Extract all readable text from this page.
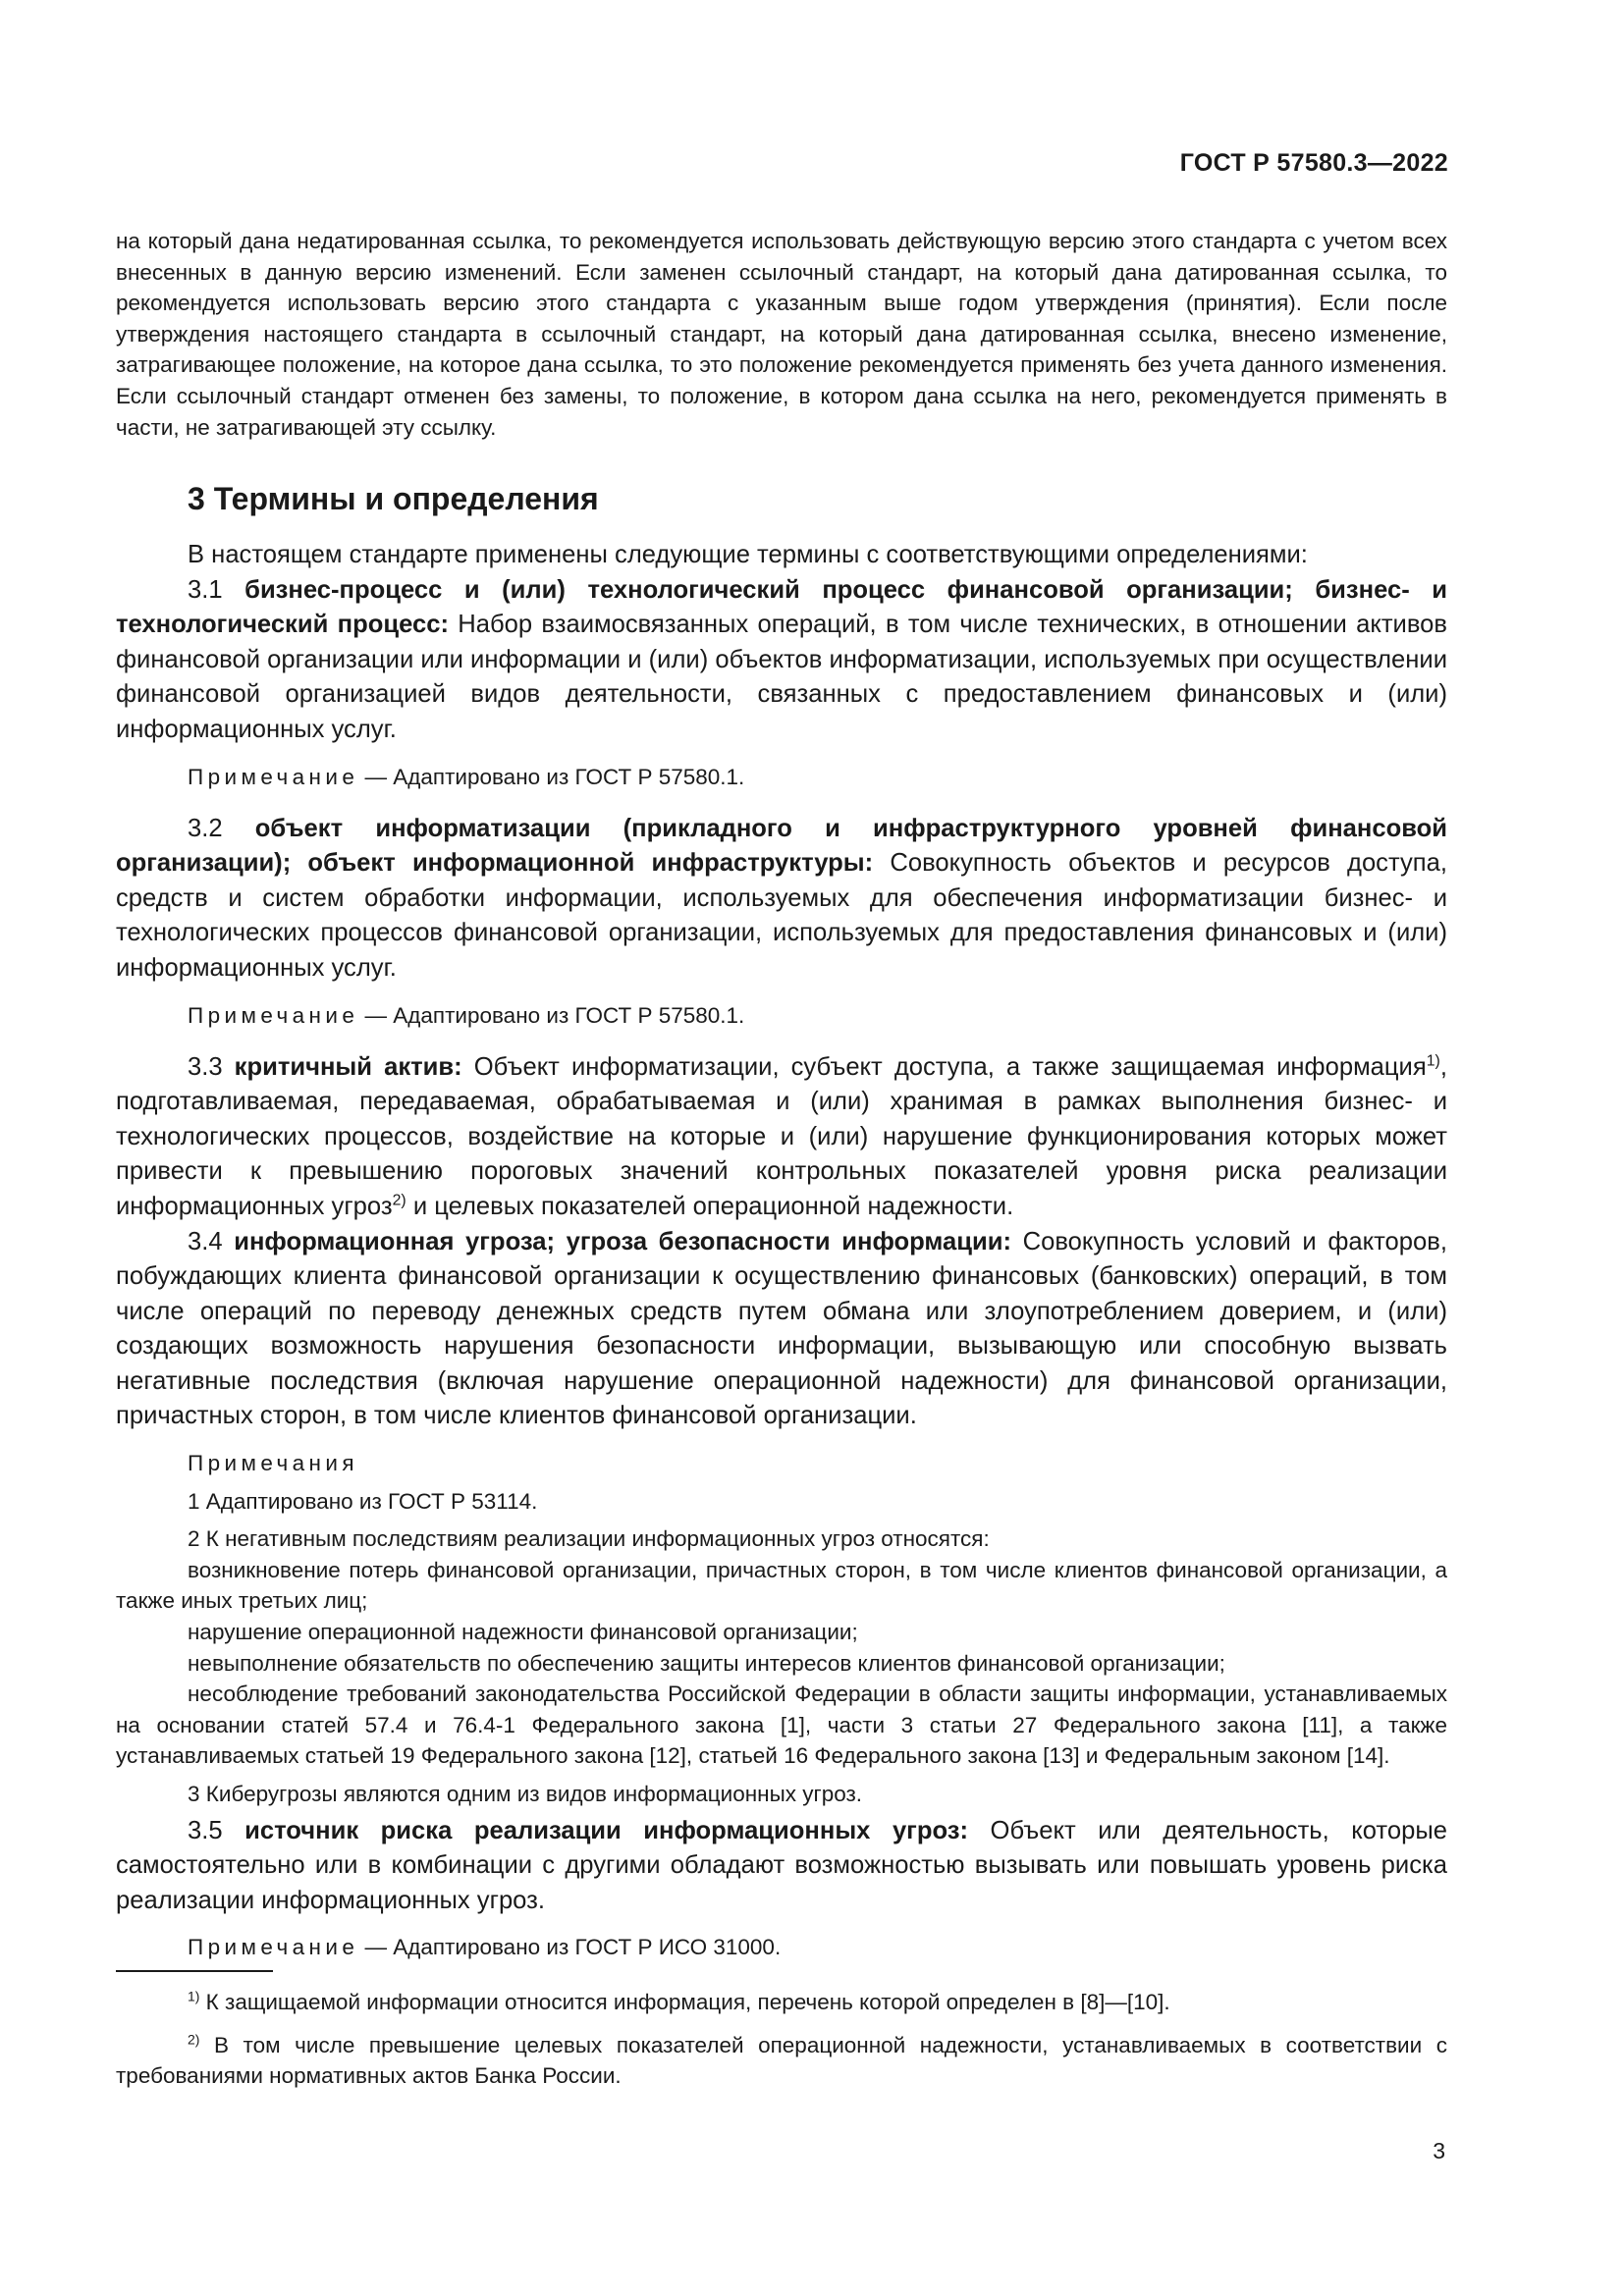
ГОСТ Р 57580.3—2022
на который дана недатированная ссылка, то рекомендуется использовать действующую версию этого стандарта с учетом всех внесенных в данную версию изменений. Если заменен ссылочный стандарт, на который дана датированная ссылка, то рекомендуется использовать версию этого стандарта с указанным выше годом утверждения (принятия). Если после утверждения настоящего стандарта в ссылочный стандарт, на который дана датированная ссылка, внесено изменение, затрагивающее положение, на которое дана ссылка, то это положение рекомендуется применять без учета данного изменения. Если ссылочный стандарт отменен без замены, то положение, в котором дана ссылка на него, рекомендуется применять в части, не затрагивающей эту ссылку.
3 Термины и определения

В настоящем стандарте применены следующие термины с соответствующими определениями:

3.1 бизнес-процесс и (или) технологический процесс финансовой организации; бизнес- и технологический процесс: Набор взаимосвязанных операций, в том числе технических, в отношении активов финансовой организации или информации и (или) объектов информатизации, используемых при осуществлении финансовой организацией видов деятельности, связанных с предоставлением финансовых и (или) информационных услуг.

Примечание — Адаптировано из ГОСТ Р 57580.1.

3.2 объект информатизации (прикладного и инфраструктурного уровней финансовой организации); объект информационной инфраструктуры: Совокупность объектов и ресурсов доступа, средств и систем обработки информации, используемых для обеспечения информатизации бизнес- и технологических процессов финансовой организации, используемых для предоставления финансовых и (или) информационных услуг.

Примечание — Адаптировано из ГОСТ Р 57580.1.

3.3 критичный актив: Объект информатизации, субъект доступа, а также защищаемая информация$^{1)}$, подготавливаемая, передаваемая, обрабатываемая и (или) хранимая в рамках выполнения бизнес- и технологических процессов, воздействие на которые и (или) нарушение функционирования которых может привести к превышению пороговых значений контрольных показателей уровня риска реализации информационных угроз$^{2)}$ и целевых показателей операционной надежности.

3.4 информационная угроза; угроза безопасности информации: Совокупность условий и факторов, побуждающих клиента финансовой организации к осуществлению финансовых (банковских) операций, в том числе операций по переводу денежных средств путем обмана или злоупотреблением доверием, и (или) создающих возможность нарушения безопасности информации, вызывающую или способную вызвать негативные последствия (включая нарушение операционной надежности) для финансовой организации, причастных сторон, в том числе клиентов финансовой организации.

Примечания

1 Адаптировано из ГОСТ Р 53114.

2 К негативным последствиям реализации информационных угроз относятся:

возникновение потерь финансовой организации, причастных сторон, в том числе клиентов финансовой организации, а также иных третьих лиц;

нарушение операционной надежности финансовой организации;

невыполнение обязательств по обеспечению защиты интересов клиентов финансовой организации;

несоблюдение требований законодательства Российской Федерации в области защиты информации, устанавливаемых на основании статей 57.4 и 76.4-1 Федерального закона [1], части 3 статьи 27 Федерального закона [11], а также устанавливаемых статьей 19 Федерального закона [12], статьей 16 Федерального закона [13] и Федеральным законом [14].

3 Киберугрозы являются одним из видов информационных угроз.

3.5 источник риска реализации информационных угроз: Объект или деятельность, которые самостоятельно или в комбинации с другими обладают возможностью вызывать или повышать уровень риска реализации информационных угроз.

Примечание — Адаптировано из ГОСТ Р ИСО 31000.

$^{1)}$ К защищаемой информации относится информация, перечень которой определен в [8]—[10].

$^{2)}$ В том числе превышение целевых показателей операционной надежности, устанавливаемых в соответствии с требованиями нормативных актов Банка России.

3
